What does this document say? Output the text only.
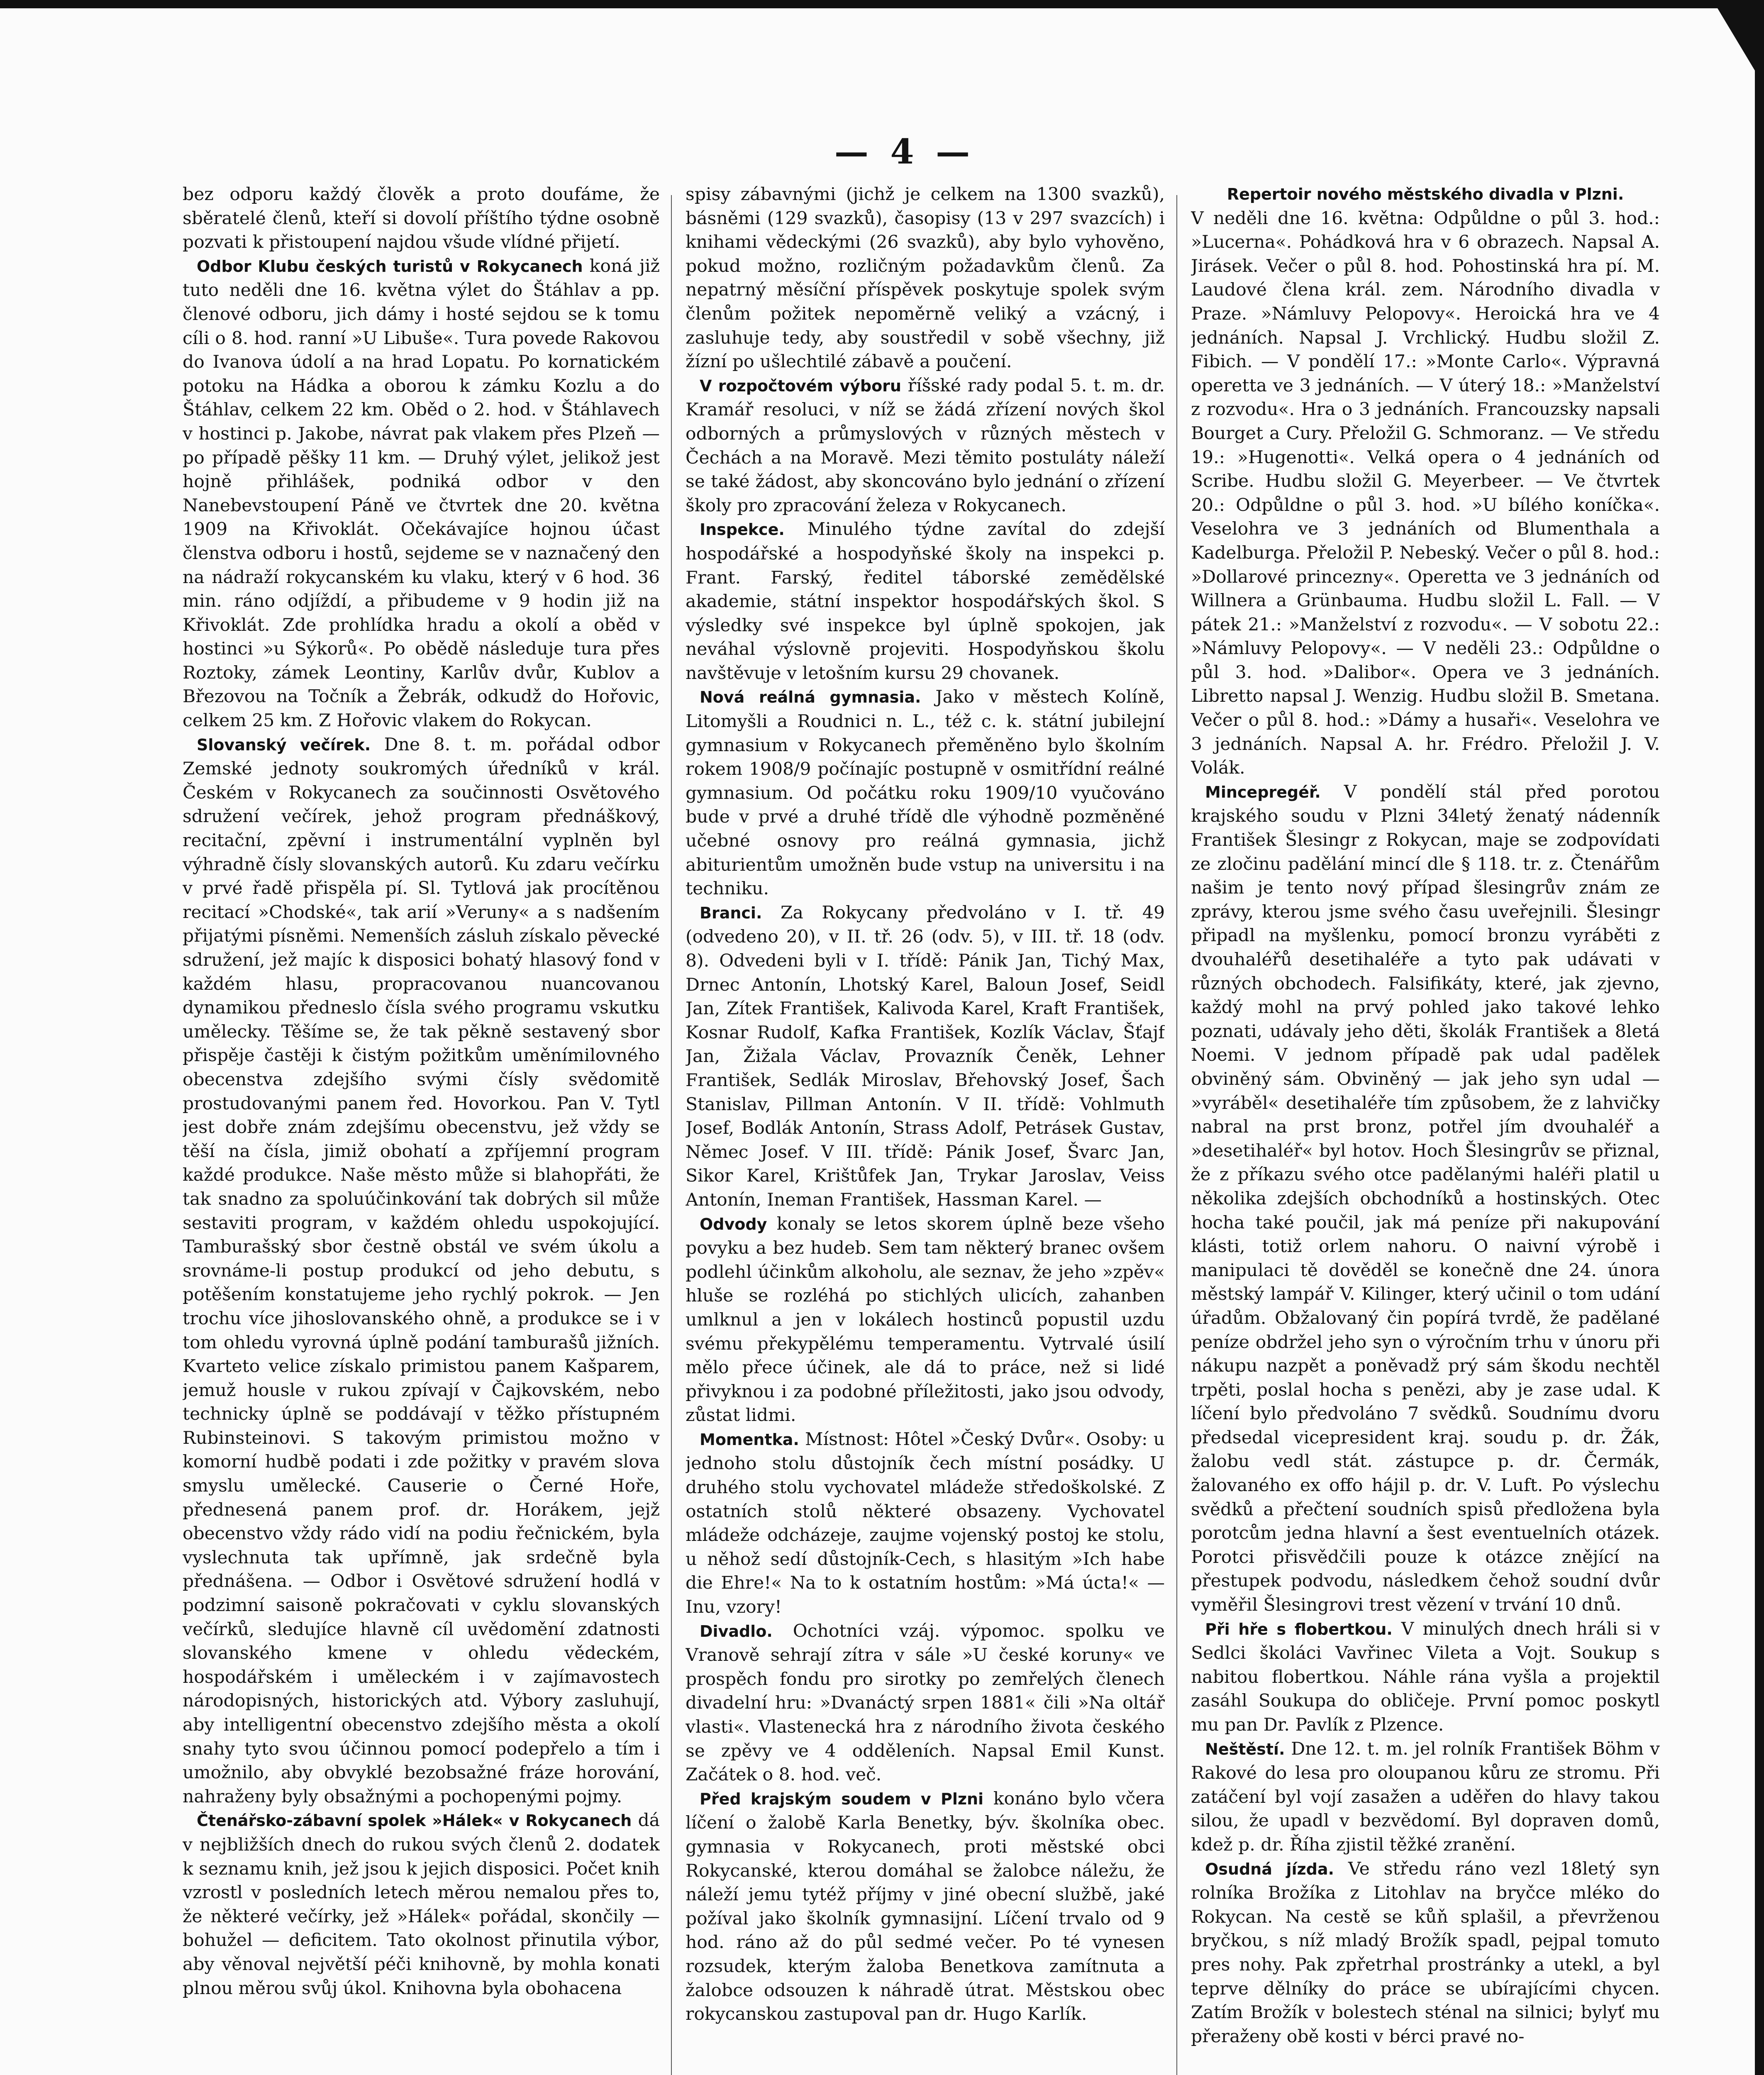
— 4 —

bez odporu každý člověk a proto doufáme, že sběratelé členů, kteří si dovolí příštího týdne osobně pozvati k přistoupení najdou všude vlídné přijetí.

Odbor Klubu českých turistů v Rokycanech koná již tuto neděli dne 16. května výlet do Štáhlav a pp. členové odboru, jich dámy i hosté sejdou se k tomu cíli o 8. hod. ranní »U Libuše«. Tura povede Rakovou do Ivanova údolí a na hrad Lopatu. Po kornatickém potoku na Hádka a oborou k zámku Kozlu a do Štáhlav, celkem 22 km. Oběd o 2. hod. v Štáhlavech v hostinci p. Jakobe, návrat pak vlakem přes Plzeň — po případě pěšky 11 km. — Druhý výlet, jelikož jest hojně přihlášek, podniká odbor v den Nanebevstoupení Páně ve čtvrtek dne 20. května 1909 na Křivoklát. Očekávajíce hojnou účast členstva odboru i hostů, sejdeme se v naznačený den na nádraží rokycanském ku vlaku, který v 6 hod. 36 min. ráno odjíždí, a přibudeme v 9 hodin již na Křivoklát. Zde prohlídka hradu a okolí a oběd v hostinci »u Sýkorů«. Po obědě následuje tura přes Roztoky, zámek Leontiny, Karlův dvůr, Kublov a Březovou na Točník a Žebrák, odkudž do Hořovic, celkem 25 km. Z Hořovic vlakem do Rokycan.

Slovanský večírek. Dne 8. t. m. pořádal odbor Zemské jednoty soukromých úředníků v král. Českém v Rokycanech za součinnosti Osvětového sdružení večírek, jehož program přednáškový, recitační, zpěvní i instrumentální vyplněn byl výhradně čísly slovanských autorů. Ku zdaru večírku v prvé řadě přispěla pí. Sl. Tytlová jak procítěnou recitací »Chodské«, tak arií »Veruny« a s nadšením přijatými písněmi. Nemenších zásluh získalo pěvecké sdružení, jež majíc k disposici bohatý hlasový fond v každém hlasu, propracovanou nuancovanou dynamikou předneslo čísla svého programu vskutku umělecky. Těšíme se, že tak pěkně sestavený sbor přispěje častěji k čistým požitkům uměnímilovného obecenstva zdejšího svými čísly svědomitě prostudovanými panem řed. Hovorkou. Pan V. Tytl jest dobře znám zdejšímu obecenstvu, jež vždy se těší na čísla, jimiž obohatí a zpříjemní program každé produkce. Naše město může si blahopřáti, že tak snadno za spoluúčinkování tak dobrých sil může sestaviti program, v každém ohledu uspokojující. Tamburašský sbor čestně obstál ve svém úkolu a srovnáme-li postup produkcí od jeho debutu, s potěšením konstatujeme jeho rychlý pokrok. — Jen trochu více jihoslovanského ohně, a produkce se i v tom ohledu vyrovná úplně podání tamburašů jižních. Kvarteto velice získalo primistou panem Kašparem, jemuž housle v rukou zpívají v Čajkovském, nebo technicky úplně se poddávají v těžko přístupném Rubinsteinovi. S takovým primistou možno v komorní hudbě podati i zde požitky v pravém slova smyslu umělecké. Causerie o Černé Hoře, přednesená panem prof. dr. Horákem, jejž obecenstvo vždy rádo vidí na podiu řečnickém, byla vyslechnuta tak upřímně, jak srdečně byla přednášena. — Odbor i Osvětové sdružení hodlá v podzimní saisoně pokračovati v cyklu slovanských večírků, sledujíce hlavně cíl uvědomění zdatnosti slovanského kmene v ohledu vědeckém, hospodářském i uměleckém i v zajímavostech národopisných, historických atd. Výbory zasluhují, aby intelligentní obecenstvo zdejšího města a okolí snahy tyto svou účinnou pomocí podepřelo a tím i umožnilo, aby obvyklé bezobsažné fráze horování, nahraženy byly obsažnými a pochopenými pojmy.

Čtenářsko-zábavní spolek »Hálek« v Rokycanech dá v nejbližších dnech do rukou svých členů 2. dodatek k seznamu knih, jež jsou k jejich disposici. Počet knih vzrostl v posledních letech měrou nemalou přes to, že některé večírky, jež »Hálek« pořádal, skončily — bohužel — deficitem. Tato okolnost přinutila výbor, aby věnoval největší péči knihovně, by mohla konati plnou měrou svůj úkol. Knihovna byla obohacena

spisy zábavnými (jichž je celkem na 1300 svazků), básněmi (129 svazků), časopisy (13 v 297 svazcích) i knihami vědeckými (26 svazků), aby bylo vyhověno, pokud možno, rozličným požadavkům členů. Za nepatrný měsíční příspěvek poskytuje spolek svým členům požitek nepoměrně veliký a vzácný, i zasluhuje tedy, aby soustředil v sobě všechny, již žízní po ušlechtilé zábavě a poučení.

V rozpočtovém výboru říšské rady podal 5. t. m. dr. Kramář resoluci, v níž se žádá zřízení nových škol odborných a průmyslových v různých městech v Čechách a na Moravě. Mezi těmito postuláty náleží se také žádost, aby skoncováno bylo jednání o zřízení školy pro zpracování železa v Rokycanech.

Inspekce. Minulého týdne zavítal do zdejší hospodářské a hospodyňské školy na inspekci p. Frant. Farský, ředitel táborské zemědělské akademie, státní inspektor hospodářských škol. S výsledky své inspekce byl úplně spokojen, jak neváhal výslovně projeviti. Hospodyňskou školu navštěvuje v letošním kursu 29 chovanek.

Nová reálná gymnasia. Jako v městech Kolíně, Litomyšli a Roudnici n. L., též c. k. státní jubilejní gymnasium v Rokycanech přeměněno bylo školním rokem 1908/9 počínajíc postupně v osmitřídní reálné gymnasium. Od počátku roku 1909/10 vyučováno bude v prvé a druhé třídě dle výhodně pozměněné učebné osnovy pro reálná gymnasia, jichž abiturientům umožněn bude vstup na universitu i na techniku.

Branci. Za Rokycany předvoláno v I. tř. 49 (odvedeno 20), v II. tř. 26 (odv. 5), v III. tř. 18 (odv. 8). Odvedeni byli v I. třídě: Pánik Jan, Tichý Max, Drnec Antonín, Lhotský Karel, Baloun Josef, Seidl Jan, Zítek František, Kalivoda Karel, Kraft František, Kosnar Rudolf, Kafka František, Kozlík Václav, Šťajf Jan, Žižala Václav, Provazník Čeněk, Lehner František, Sedlák Miroslav, Břehovský Josef, Šach Stanislav, Pillman Antonín. V II. třídě: Vohlmuth Josef, Bodlák Antonín, Strass Adolf, Petrásek Gustav, Němec Josef. V III. třídě: Pánik Josef, Švarc Jan, Sikor Karel, Krištůfek Jan, Trykar Jaroslav, Veiss Antonín, Ineman František, Hassman Karel. —

Odvody konaly se letos skorem úplně beze všeho povyku a bez hudeb. Sem tam některý branec ovšem podlehl účinkům alkoholu, ale seznav, že jeho »zpěv« hluše se rozléhá po stichlých ulicích, zahanben umlknul a jen v lokálech hostinců popustil uzdu svému překypělému temperamentu. Vytrvalé úsilí mělo přece účinek, ale dá to práce, než si lidé přivyknou i za podobné příležitosti, jako jsou odvody, zůstat lidmi.

Momentka. Místnost: Hôtel »Český Dvůr«. Osoby: u jednoho stolu důstojník čech místní posádky. U druhého stolu vychovatel mládeže středoškolské. Z ostatních stolů některé obsazeny. Vychovatel mládeže odcházeje, zaujme vojenský postoj ke stolu, u něhož sedí důstojník-Cech, s hlasitým »Ich habe die Ehre!« Na to k ostatním hostům: »Má úcta!« — Inu, vzory!

Divadlo. Ochotníci vzáj. výpomoc. spolku ve Vranově sehrají zítra v sále »U české koruny« ve prospěch fondu pro sirotky po zemřelých členech divadelní hru: »Dvanáctý srpen 1881« čili »Na oltář vlasti«. Vlastenecká hra z národního života českého se zpěvy ve 4 odděleních. Napsal Emil Kunst. Začátek o 8. hod. več.

Před krajským soudem v Plzni konáno bylo včera líčení o žalobě Karla Benetky, býv. školníka obec. gymnasia v Rokycanech, proti městské obci Rokycanské, kterou domáhal se žalobce náležu, že náleží jemu tytéž příjmy v jiné obecní službě, jaké požíval jako školník gymnasijní. Líčení trvalo od 9 hod. ráno až do půl sedmé večer. Po té vynesen rozsudek, kterým žaloba Benetkova zamítnuta a žalobce odsouzen k náhradě útrat. Městskou obec rokycanskou zastupoval pan dr. Hugo Karlík.

Repertoir nového městského divadla v Plzni.

V neděli dne 16. května: Odpůldne o půl 3. hod.: »Lucerna«. Pohádková hra v 6 obrazech. Napsal A. Jirásek. Večer o půl 8. hod. Pohostinská hra pí. M. Laudové člena král. zem. Národního divadla v Praze. »Námluvy Pelopovy«. Heroická hra ve 4 jednáních. Napsal J. Vrchlický. Hudbu složil Z. Fibich. — V pondělí 17.: »Monte Carlo«. Výpravná operetta ve 3 jednáních. — V úterý 18.: »Manželství z rozvodu«. Hra o 3 jednáních. Francouzsky napsali Bourget a Cury. Přeložil G. Schmoranz. — Ve středu 19.: »Hugenotti«. Velká opera o 4 jednáních od Scribe. Hudbu složil G. Meyerbeer. — Ve čtvrtek 20.: Odpůldne o půl 3. hod. »U bílého koníčka«. Veselohra ve 3 jednáních od Blumenthala a Kadelburga. Přeložil P. Nebeský. Večer o půl 8. hod.: »Dollarové princezny«. Operetta ve 3 jednáních od Willnera a Grünbauma. Hudbu složil L. Fall. — V pátek 21.: »Manželství z rozvodu«. — V sobotu 22.: »Námluvy Pelopovy«. — V neděli 23.: Odpůldne o půl 3. hod. »Dalibor«. Opera ve 3 jednáních. Libretto napsal J. Wenzig. Hudbu složil B. Smetana. Večer o půl 8. hod.: »Dámy a husaři«. Veselohra ve 3 jednáních. Napsal A. hr. Frédro. Přeložil J. V. Volák.

Mincepregéř. V pondělí stál před porotou krajského soudu v Plzni 34letý ženatý nádenník František Šlesingr z Rokycan, maje se zodpovídati ze zločinu padělání mincí dle § 118. tr. z. Čtenářům našim je tento nový případ šlesingrův znám ze zprávy, kterou jsme svého času uveřejnili. Šlesingr připadl na myšlenku, pomocí bronzu vyráběti z dvouhaléřů desetihaléře a tyto pak udávati v různých obchodech. Falsifikáty, které, jak zjevno, každý mohl na prvý pohled jako takové lehko poznati, udávaly jeho děti, školák František a 8letá Noemi. V jednom případě pak udal padělek obviněný sám. Obviněný — jak jeho syn udal — »vyráběl« desetihaléře tím způsobem, že z lahvičky nabral na prst bronz, potřel jím dvouhaléř a »desetihaléř« byl hotov. Hoch Šlesingrův se přiznal, že z příkazu svého otce padělanými haléři platil u několika zdejších obchodníků a hostinských. Otec hocha také poučil, jak má peníze při nakupování klásti, totiž orlem nahoru. O naivní výrobě i manipulaci tě dověděl se konečně dne 24. února městský lampář V. Kilinger, který učinil o tom udání úřadům. Obžalovaný čin popírá tvrdě, že padělané peníze obdržel jeho syn o výročním trhu v únoru při nákupu nazpět a poněvadž prý sám škodu nechtěl trpěti, poslal hocha s penězi, aby je zase udal. K líčení bylo předvoláno 7 svědků. Soudnímu dvoru předsedal vicepresident kraj. soudu p. dr. Žák, žalobu vedl stát. zástupce p. dr. Čermák, žalovaného ex offo hájil p. dr. V. Luft. Po výslechu svědků a přečtení soudních spisů předložena byla porotcům jedna hlavní a šest eventuelních otázek. Porotci přisvědčili pouze k otázce znějící na přestupek podvodu, následkem čehož soudní dvůr vyměřil Šlesingrovi trest vězení v trvání 10 dnů.

Při hře s flobertkou. V minulých dnech hráli si v Sedlci školáci Vavřinec Vileta a Vojt. Soukup s nabitou flobertkou. Náhle rána vyšla a projektil zasáhl Soukupa do obličeje. První pomoc poskytl mu pan Dr. Pavlík z Plzence.

Neštěstí. Dne 12. t. m. jel rolník František Böhm v Rakové do lesa pro oloupanou kůru ze stromu. Při zatáčení byl vojí zasažen a uděřen do hlavy takou silou, že upadl v bezvědomí. Byl dopraven domů, kdež p. dr. Říha zjistil těžké zranění.

Osudná jízda. Ve středu ráno vezl 18letý syn rolníka Brožíka z Litohlav na bryčce mléko do Rokycan. Na cestě se kůň splašil, a převrženou bryčkou, s níž mladý Brožík spadl, pejpal tomuto pres nohy. Pak zpřetrhal prostránky a utekl, a byl teprve dělníky do práce se ubírajícími chycen. Zatím Brožík v bolestech sténal na silnici; bylyť mu přeraženy obě kosti v bérci pravé no-
